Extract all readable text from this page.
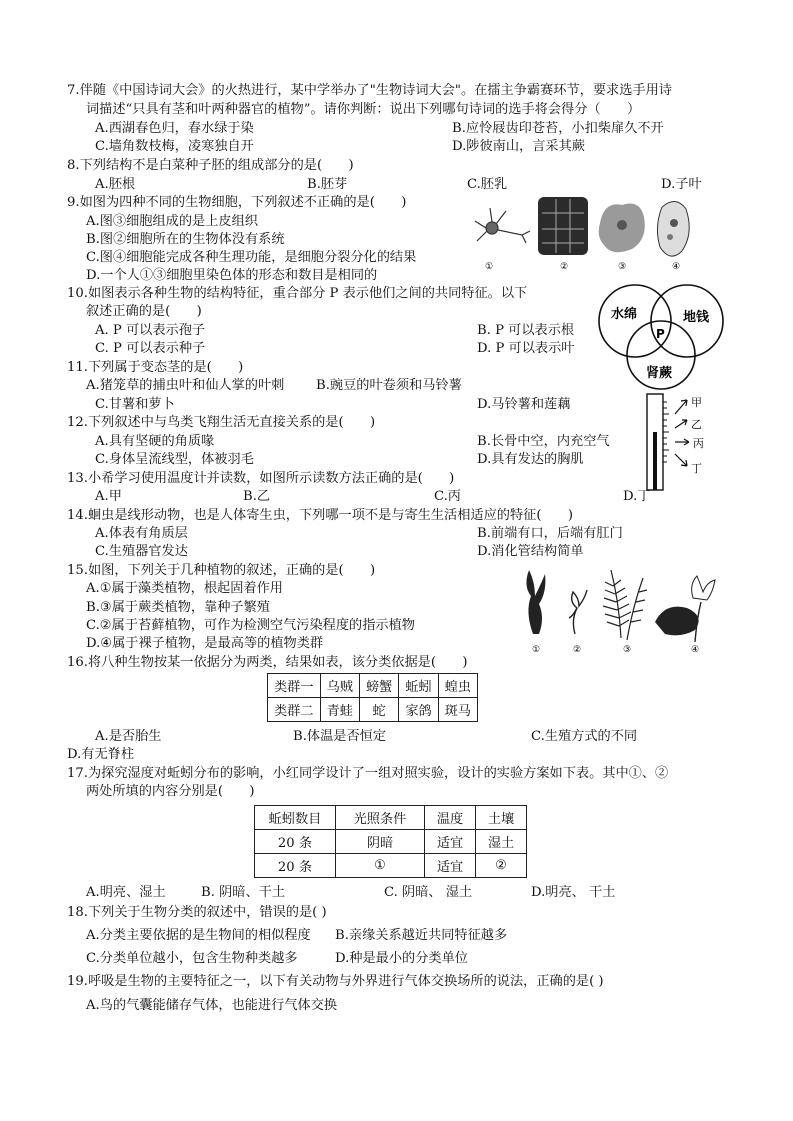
7.伴随《中国诗词大会》的火热进行，某中学举办了"生物诗词大会"。在擂主争霸赛环节，要求选手用诗
词描述“只具有茎和叶两种器官的植物”。请你判断：说出下列哪句诗词的选手将会得分（　　）
A.西湖春色归，春水绿于染	B.应怜屐齿印苍苔，小扣柴扉久不开
C.墙角数枝梅，凌寒独自开	D.陟彼南山，言采其蕨
8.下列结构不是白菜种子胚的组成部分的是(　　)
A.胚根	B.胚芽	C.胚乳	D.子叶
9.如图为四种不同的生物细胞，下列叙述不正确的是(　　)
A.图③细胞组成的是上皮组织
B.图②细胞所在的生物体没有系统
C.图④细胞能完成各种生理功能，是细胞分裂分化的结果
D.一个人①③细胞里染色体的形态和数目是相同的
①	②	③	④
10.如图表示各种生物的结构特征，重合部分 P 表示他们之间的共同特征。以下
叙述正确的是(　　)
A. P 可以表示孢子	B. P 可以表示根
C. P 可以表示种子	D. P 可以表示叶
水绵	地钱
肾蕨
P
11.下列属于变态茎的是(　　)
A.猪笼草的捕虫叶和仙人掌的叶刺 B.豌豆的叶卷须和马铃薯
C.甘薯和萝卜	D.马铃薯和莲藕
12.下列叙述中与鸟类飞翔生活无直接关系的是(　　)
A.具有坚硬的角质喙	B.长骨中空，内充空气
C.身体呈流线型，体被羽毛	D.具有发达的胸肌
甲
乙
丙
丁
13.小希学习使用温度计并读数，如图所示读数方法正确的是(　　)
A.甲	B.乙	C.丙	D.丁
14.蛔虫是线形动物，也是人体寄生虫，下列哪一项不是与寄生生活相适应的特征(　　)
A.体表有角质层	B.前端有口，后端有肛门
C.生殖器官发达	D.消化管结构简单
15.如图，下列关于几种植物的叙述，正确的是(　　)
A.①属于藻类植物，根起固着作用
B.③属于蕨类植物，靠种子繁殖
C.②属于苔藓植物，可作为检测空气污染程度的指示植物
D.④属于裸子植物，是最高等的植物类群	①	②	③	④
16.将八种生物按某一依据分为两类，结果如表，该分类依据是(　　)
类群一	乌贼	螃蟹	蚯蚓	蝗虫
类群二	青蛙	蛇	家鸽	斑马
A.是否胎生	B.体温是否恒定	C.生殖方式的不同
D.有无脊柱
17.为探究湿度对蚯蚓分布的影响，小红同学设计了一组对照实验，设计的实验方案如下表。其中①、②
两处所填的内容分别是(　　)
蚯蚓数目	光照条件	温度	土壤
20 条	阴暗	适宜	湿土
20 条	①	适宜	②
A.明亮、湿土	B. 阴暗、干土	C. 阴暗、 湿土	D.明亮、 干土
18.下列关于生物分类的叙述中，错误的是( )
A.分类主要依据的是生物间的相似程度 B.亲缘关系越近共同特征越多
C.分类单位越小，包含生物种类越多	D.种是最小的分类单位
19.呼吸是生物的主要特征之一，以下有关动物与外界进行气体交换场所的说法，正确的是( )
A.鸟的气囊能储存气体，也能进行气体交换
